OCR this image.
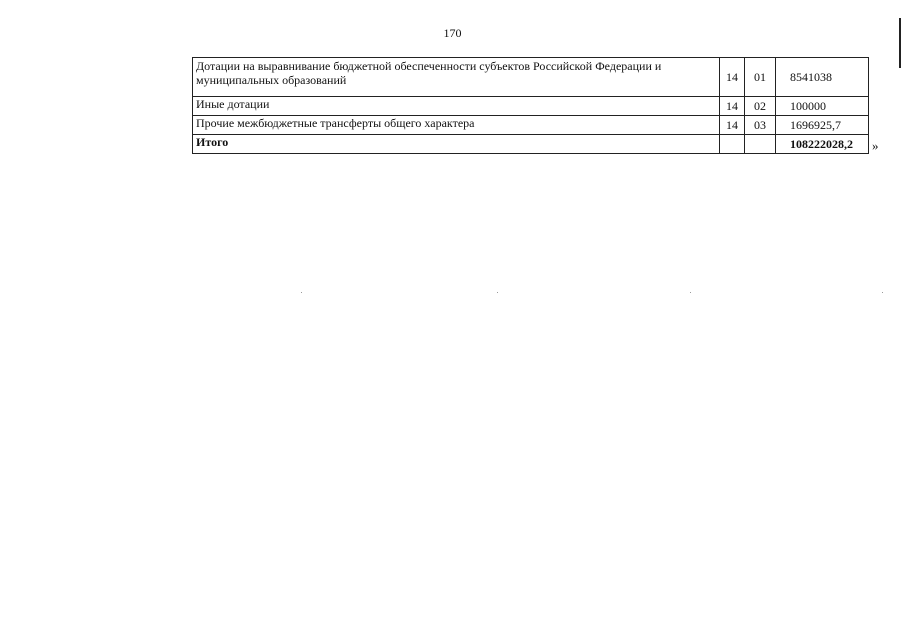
170
Дотации на выравнивание бюджетной обеспеченности субъектов Российской Федерации и муниципальных образований	14	01	8541038
Иные дотации	14	02	100000
Прочие межбюджетные трансферты общего характера	14	03	1696925,7
Итого			108222028,2 »
